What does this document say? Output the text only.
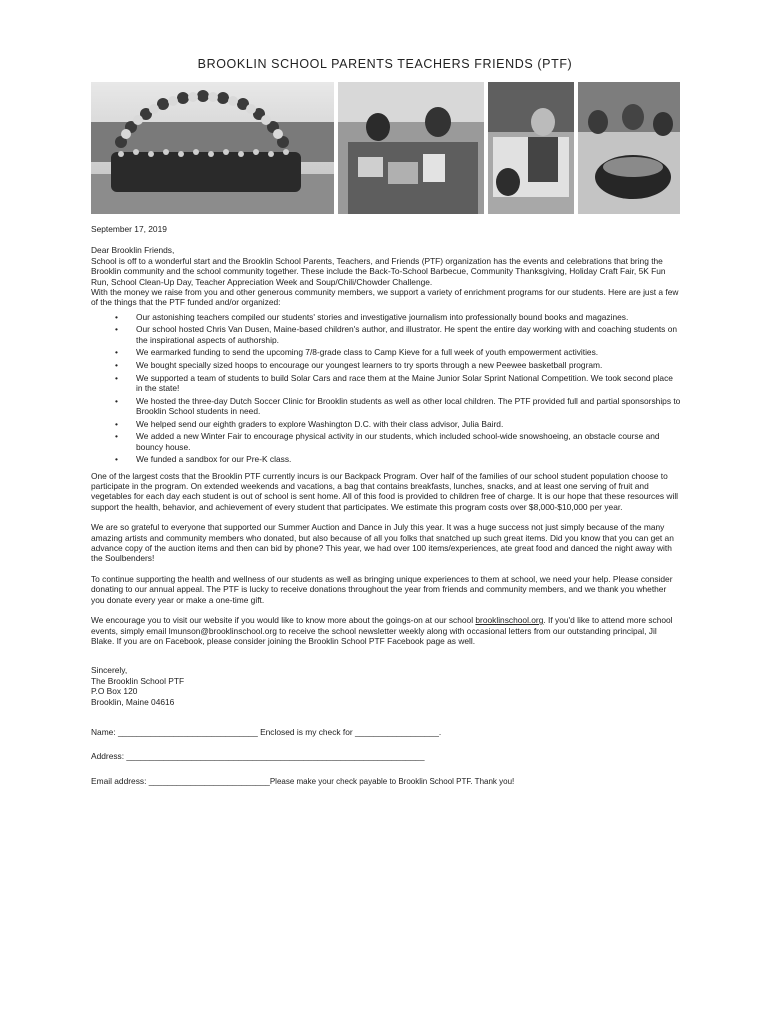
BROOKLIN SCHOOL PARENTS TEACHERS FRIENDS (PTF)

September 17, 2019

Dear Brooklin Friends,

School is off to a wonderful start and the Brooklin School Parents, Teachers, and Friends (PTF) organization has the events and celebrations that bring the Brooklin community and the school community together. These include the Back-To-School Barbecue, Community Thanksgiving, Holiday Craft Fair, 5K Fun Run, School Clean-Up Day, Teacher Appreciation Week and Soup/Chili/Chowder Challenge.

With the money we raise from you and other generous community members, we support a variety of enrichment programs for our students. Here are just a few of the things that the PTF funded and/or organized:

• Our astonishing teachers compiled our students' stories and investigative journalism into professionally bound books and magazines.
• Our school hosted Chris Van Dusen, Maine-based children's author, and illustrator. He spent the entire day working with and coaching students on the inspirational aspects of authorship.
• We earmarked funding to send the upcoming 7/8-grade class to Camp Kieve for a full week of youth empowerment activities.
• We bought specially sized hoops to encourage our youngest learners to try sports through a new Peewee basketball program.
• We supported a team of students to build Solar Cars and race them at the Maine Junior Solar Sprint National Competition. We took second place in the state!
• We hosted the three-day Dutch Soccer Clinic for Brooklin students as well as other local children. The PTF provided full and partial sponsorships to Brooklin School students in need.
• We helped send our eighth graders to explore Washington D.C. with their class advisor, Julia Baird.
• We added a new Winter Fair to encourage physical activity in our students, which included school-wide snowshoeing, an obstacle course and bouncy house.
• We funded a sandbox for our Pre-K class.

One of the largest costs that the Brooklin PTF currently incurs is our Backpack Program. Over half of the families of our school student population choose to participate in the program. On extended weekends and vacations, a bag that contains breakfasts, lunches, snacks, and at least one serving of fruit and vegetables for each day each student is out of school is sent home. All of this food is provided to children free of charge. It is our hope that these resources will support the health, behavior, and achievement of every student that participates. We estimate this program costs over $8,000-$10,000 per year.

We are so grateful to everyone that supported our Summer Auction and Dance in July this year. It was a huge success not just simply because of the many amazing artists and community members who donated, but also because of all you folks that snatched up such great items. Did you know that you can get an advance copy of the auction items and then can bid by phone? This year, we had over 100 items/experiences, ate great food and danced the night away with the Soulbenders!

To continue supporting the health and wellness of our students as well as bringing unique experiences to them at school, we need your help. Please consider donating to our annual appeal. The PTF is lucky to receive donations throughout the year from friends and community members, and we thank you whether you donate every year or make a one-time gift.

We encourage you to visit our website if you would like to know more about the goings-on at our school brooklinschool.org. If you'd like to attend more school events, simply email lmunson@brooklinschool.org to receive the school newsletter weekly along with occasional letters from our outstanding principal, Jil Blake. If you are on Facebook, please consider joining the Brooklin School PTF Facebook page as well.

Sincerely,

The Brooklin School PTF

P.O Box 120

Brooklin, Maine 04616

Name: ______________________________ Enclosed is my check for __________________.

Address: ________________________________________________________________

Email address: __________________________Please make your check payable to Brooklin School PTF. Thank you!
